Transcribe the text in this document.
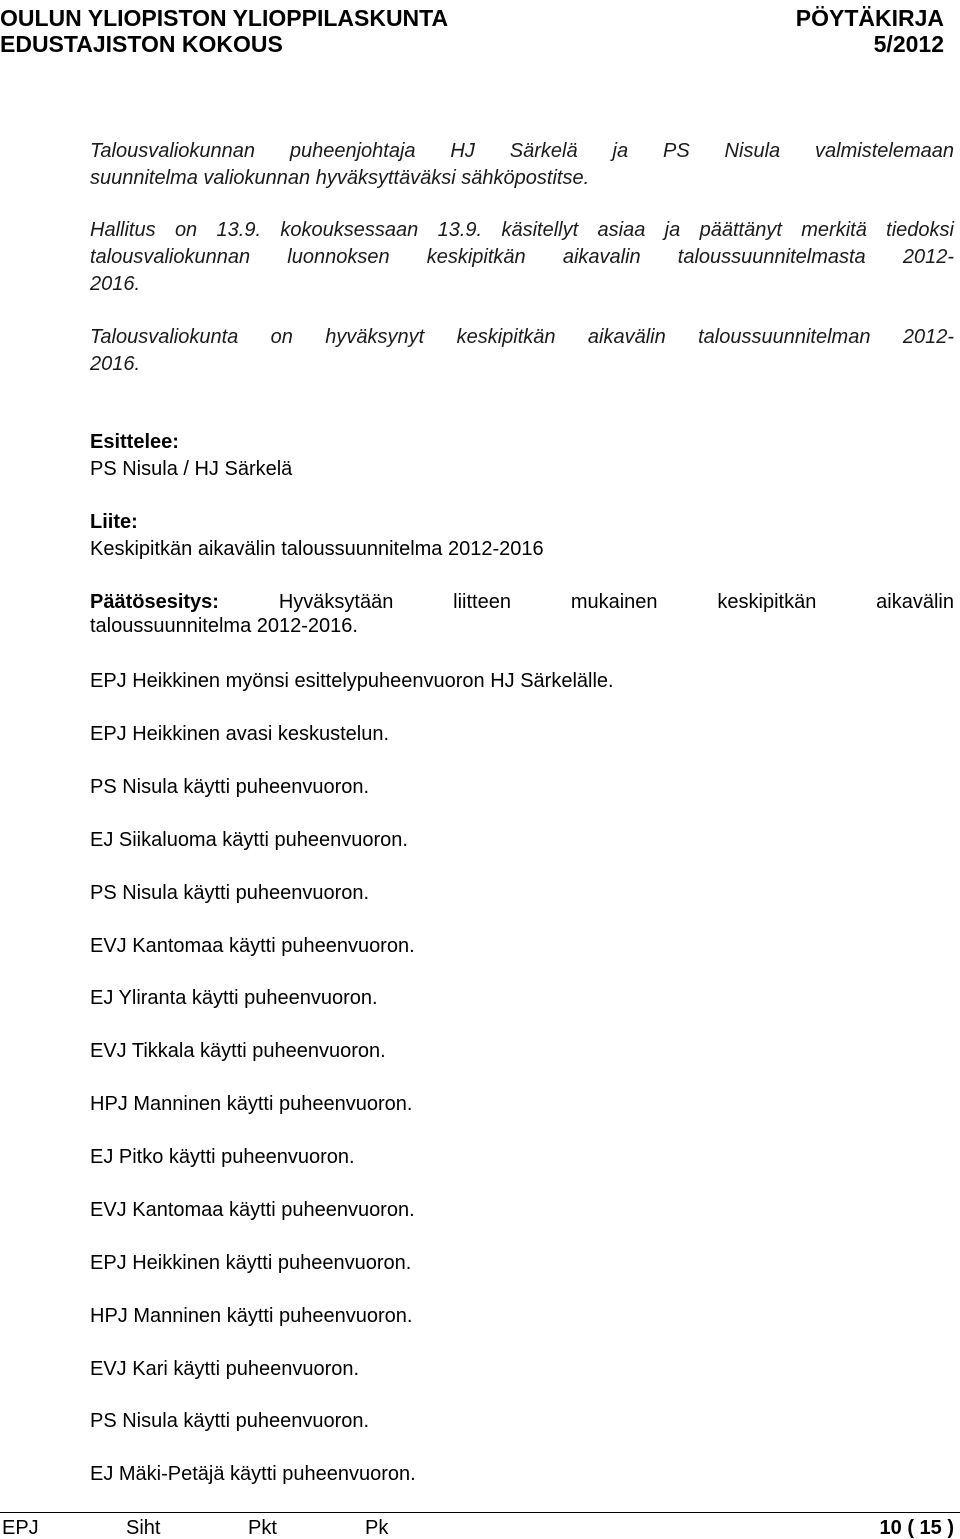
OULUN YLIOPISTON YLIOPPILASKUNTA	PÖYTÄKIRJA
EDUSTAJISTON KOKOUS	5/2012
Talousvaliokunnan puheenjohtaja HJ Särkelä ja PS Nisula valmistelemaan
suunnitelma valiokunnan hyväksyttäväksi sähköpostitse.
Hallitus on 13.9. kokouksessaan 13.9. käsitellyt asiaa ja päättänyt merkitä tiedoksi
talousvaliokunnan luonnoksen keskipitkän aikavalin taloussuunnitelmasta 2012-
2016.
Talousvaliokunta on hyväksynyt keskipitkän aikavälin taloussuunnitelman 2012-
2016.
Esittelee:
PS Nisula / HJ Särkelä
Liite:
Keskipitkän aikavälin taloussuunnitelma 2012-2016
Päätösesitys:	Hyväksytään liitteen mukainen keskipitkän aikavälin
taloussuunnitelma 2012-2016.
EPJ Heikkinen myönsi esittelypuheenvuoron HJ Särkelälle.
EPJ Heikkinen avasi keskustelun.
PS Nisula käytti puheenvuoron.
EJ Siikaluoma käytti puheenvuoron.
PS Nisula käytti puheenvuoron.
EVJ Kantomaa käytti puheenvuoron.
EJ Yliranta käytti puheenvuoron.
EVJ Tikkala käytti puheenvuoron.
HPJ Manninen käytti puheenvuoron.
EJ Pitko käytti puheenvuoron.
EVJ Kantomaa käytti puheenvuoron.
EPJ Heikkinen käytti puheenvuoron.
HPJ Manninen käytti puheenvuoron.
EVJ Kari käytti puheenvuoron.
PS Nisula käytti puheenvuoron.
EJ Mäki-Petäjä käytti puheenvuoron.
EPJ	Siht	Pkt	Pk	10 ( 15 )
